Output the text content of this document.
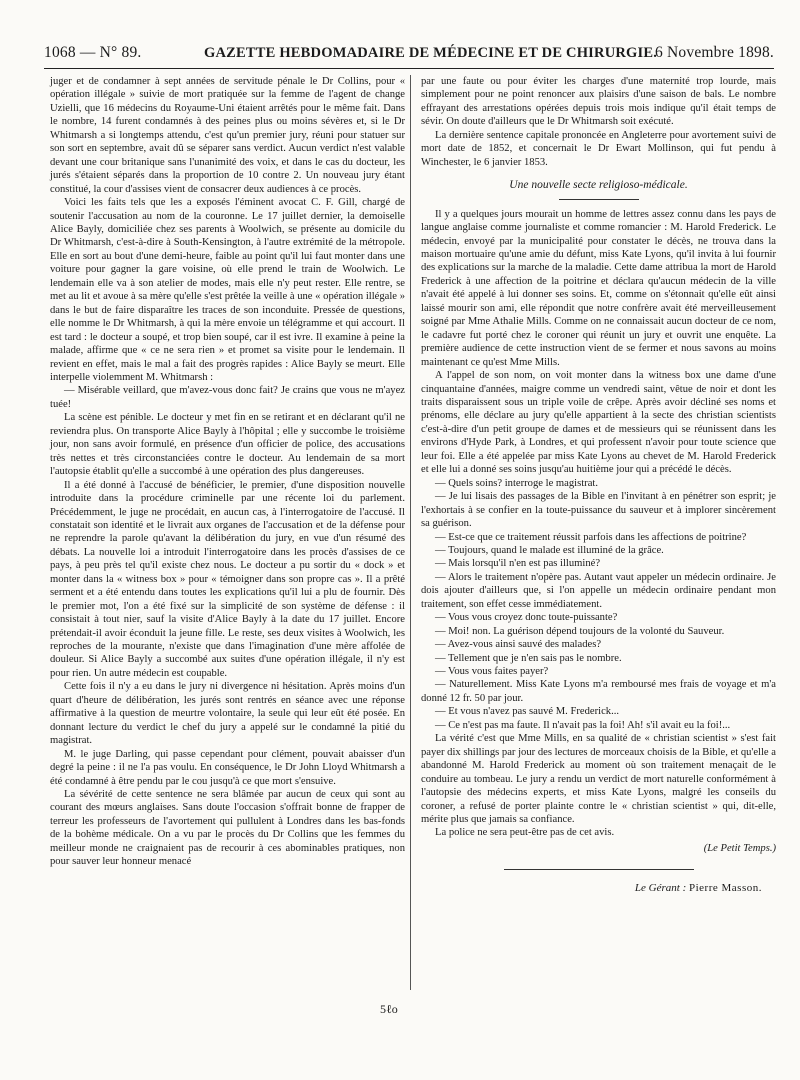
1068 — N° 89.	GAZETTE HEBDOMADAIRE DE MÉDECINE ET DE CHIRURGIE.
6 Novembre 1898.

juger et de condamner à sept années de servitude pénale le Dr Collins, pour « opération illégale » suivie de mort pratiquée sur la femme de l'agent de change Uzielli, que 16 médecins du Royaume-Uni étaient arrêtés pour le même fait. Dans le nombre, 14 furent condamnés à des peines plus ou moins sévères et, si le Dr Whitmarsh a si longtemps attendu, c'est qu'un premier jury, réuni pour statuer sur son sort en septembre, avait dû se séparer sans verdict. Aucun verdict n'est valable devant une cour britanique sans l'unanimité des voix, et dans le cas du docteur, les jurés s'étaient séparés dans la proportion de 10 contre 2. Un nouveau jury étant constitué, la cour d'assises vient de consacrer deux audiences à ce procès.

Voici les faits tels que les a exposés l'éminent avocat C. F. Gill, chargé de soutenir l'accusation au nom de la couronne. Le 17 juillet dernier, la demoiselle Alice Bayly, domiciliée chez ses parents à Woolwich, se présente au domicile du Dr Whitmarsh, c'est-à-dire à South-Kensington, à l'autre extrémité de la métropole. Elle en sort au bout d'une demi-heure, faible au point qu'il lui faut monter dans une voiture pour gagner la gare voisine, où elle prend le train de Woolwich. Le lendemain elle va à son atelier de modes, mais elle n'y peut rester. Elle rentre, se met au lit et avoue à sa mère qu'elle s'est prêtée la veille à une « opération illégale » dans le but de faire disparaître les traces de son inconduite. Pressée de questions, elle nomme le Dr Whitmarsh, à qui la mère envoie un télégramme et qui accourt. Il est tard : le docteur a soupé, et trop bien soupé, car il est ivre. Il examine à peine la malade, affirme que « ce ne sera rien » et promet sa visite pour le lendemain. Il revient en effet, mais le mal a fait des progrès rapides : Alice Bayly se meurt. Elle interpelle violemment M. Whitmarsh :

— Misérable veillard, que m'avez-vous donc fait? Je crains que vous ne m'ayez tuée!

La scène est pénible. Le docteur y met fin en se retirant et en déclarant qu'il ne reviendra plus. On transporte Alice Bayly à l'hôpital ; elle y succombe le troisième jour, non sans avoir formulé, en présence d'un officier de police, des accusations très nettes et très circonstanciées contre le docteur. Au lendemain de sa mort l'autopsie établit qu'elle a succombé à une opération des plus dangereuses.

Il a été donné à l'accusé de bénéficier, le premier, d'une disposition nouvelle introduite dans la procédure criminelle par une récente loi du parlement. Précédemment, le juge ne procédait, en aucun cas, à l'interrogatoire de l'accusé. Il constatait son identité et le livrait aux organes de l'accusation et de la défense pour ne reprendre la parole qu'avant la délibération du jury, en vue d'un résumé des débats. La nouvelle loi a introduit l'interrogatoire dans les procès d'assises de ce pays, à peu près tel qu'il existe chez nous. Le docteur a pu sortir du « dock » et monter dans la « witness box » pour « témoigner dans son propre cas ». Il a prêté serment et a été entendu dans toutes les explications qu'il lui a plu de fournir. Dès le premier mot, l'on a été fixé sur la simplicité de son système de défense : il consistait à tout nier, sauf la visite d'Alice Bayly à la date du 17 juillet. Encore prétendait-il avoir éconduit la jeune fille. Le reste, ses deux visites à Woolwich, les reproches de la mourante, n'existe que dans l'imagination d'une mère affolée de douleur. Si Alice Bayly a succombé aux suites d'une opération illégale, il n'y est pour rien. Un autre médecin est coupable.

Cette fois il n'y a eu dans le jury ni divergence ni hésitation. Après moins d'un quart d'heure de délibération, les jurés sont rentrés en séance avec une réponse affirmative à la question de meurtre volontaire, la seule qui leur eût été posée. En donnant lecture du verdict le chef du jury a appelé sur le condamné la pitié du magistrat.

M. le juge Darling, qui passe cependant pour clément, pouvait abaisser d'un degré la peine : il ne l'a pas voulu. En conséquence, le Dr John Lloyd Whitmarsh a été condamné à être pendu par le cou jusqu'à ce que mort s'ensuive.

La sévérité de cette sentence ne sera blâmée par aucun de ceux qui sont au courant des mœurs anglaises. Sans doute l'occasion s'offrait bonne de frapper de terreur les professeurs de l'avortement qui pullulent à Londres dans les bas-fonds de la bohème médicale. On a vu par le procès du Dr Collins que les femmes du meilleur monde ne craignaient pas de recourir à ces abominables pratiques, non pour sauver leur honneur menacé

par une faute ou pour éviter les charges d'une maternité trop lourde, mais simplement pour ne point renoncer aux plaisirs d'une saison de bals. Le nombre effrayant des arrestations opérées depuis trois mois indique qu'il était temps de sévir. On doute d'ailleurs que le Dr Whitmarsh soit exécuté.

La dernière sentence capitale prononcée en Angleterre pour avortement suivi de mort date de 1852, et concernait le Dr Ewart Mollinson, qui fut pendu à Winchester, le 6 janvier 1853.

Une nouvelle secte religioso-médicale.

Il y a quelques jours mourait un homme de lettres assez connu dans les pays de langue anglaise comme journaliste et comme romancier : M. Harold Frederick. Le médecin, envoyé par la municipalité pour constater le décès, ne trouva dans la maison mortuaire qu'une amie du défunt, miss Kate Lyons, qu'il invita à lui fournir des explications sur la marche de la maladie. Cette dame attribua la mort de Harold Frederick à une affection de la poitrine et déclara qu'aucun médecin de la ville n'avait été appelé à lui donner ses soins. Et, comme on s'étonnait qu'elle eût ainsi laissé mourir son ami, elle répondit que notre confrère avait été merveilleusement soigné par Mme Athalie Mills. Comme on ne connaissait aucun docteur de ce nom, le cadavre fut porté chez le coroner qui réunit un jury et ouvrit une enquête. La première audience de cette instruction vient de se fermer et nous savons au moins maintenant ce qu'est Mme Mills.

A l'appel de son nom, on voit monter dans la witness box une dame d'une cinquantaine d'années, maigre comme un vendredi saint, vêtue de noir et dont les traits disparaissent sous un triple voile de crêpe. Après avoir décliné ses noms et prénoms, elle déclare au jury qu'elle appartient à la secte des christian scientists c'est-à-dire d'un petit groupe de dames et de messieurs qui se réunissent dans les environs d'Hyde Park, à Londres, et qui professent n'avoir pour toute science que leur foi. Elle a été appelée par miss Kate Lyons au chevet de M. Harold Frederick et elle lui a donné ses soins jusqu'au huitième jour qui a précédé le décès.

— Quels soins? interroge le magistrat.

— Je lui lisais des passages de la Bible en l'invitant à en pénétrer son esprit; je l'exhortais à se confier en la toute-puissance du sauveur et à implorer sincèrement sa guérison.

— Est-ce que ce traitement réussit parfois dans les affections de poitrine?

— Toujours, quand le malade est illuminé de la grâce.

— Mais lorsqu'il n'en est pas illuminé?

— Alors le traitement n'opère pas. Autant vaut appeler un médecin ordinaire. Je dois ajouter d'ailleurs que, si l'on appelle un médecin ordinaire pendant mon traitement, son effet cesse immédiatement.

— Vous vous croyez donc toute-puissante?

— Moi! non. La guérison dépend toujours de la volonté du Sauveur.

— Avez-vous ainsi sauvé des malades?

— Tellement que je n'en sais pas le nombre.

— Vous vous faites payer?

— Naturellement. Miss Kate Lyons m'a remboursé mes frais de voyage et m'a donné 12 fr. 50 par jour.

— Et vous n'avez pas sauvé M. Frederick...

— Ce n'est pas ma faute. Il n'avait pas la foi! Ah! s'il avait eu la foi!...

La vérité c'est que Mme Mills, en sa qualité de « christian scientist » s'est fait payer dix shillings par jour des lectures de morceaux choisis de la Bible, et qu'elle a abandonné M. Harold Frederick au moment où son traitement menaçait de le conduire au tombeau. Le jury a rendu un verdict de mort naturelle conformément à l'autopsie des médecins experts, et miss Kate Lyons, malgré les conseils du coroner, a refusé de porter plainte contre le « christian scientist » qui, dit-elle, mérite plus que jamais sa confiance.

La police ne sera peut-être pas de cet avis.

(Le Petit Temps.)
Le Gérant : Pierre Masson.
5ℓo
